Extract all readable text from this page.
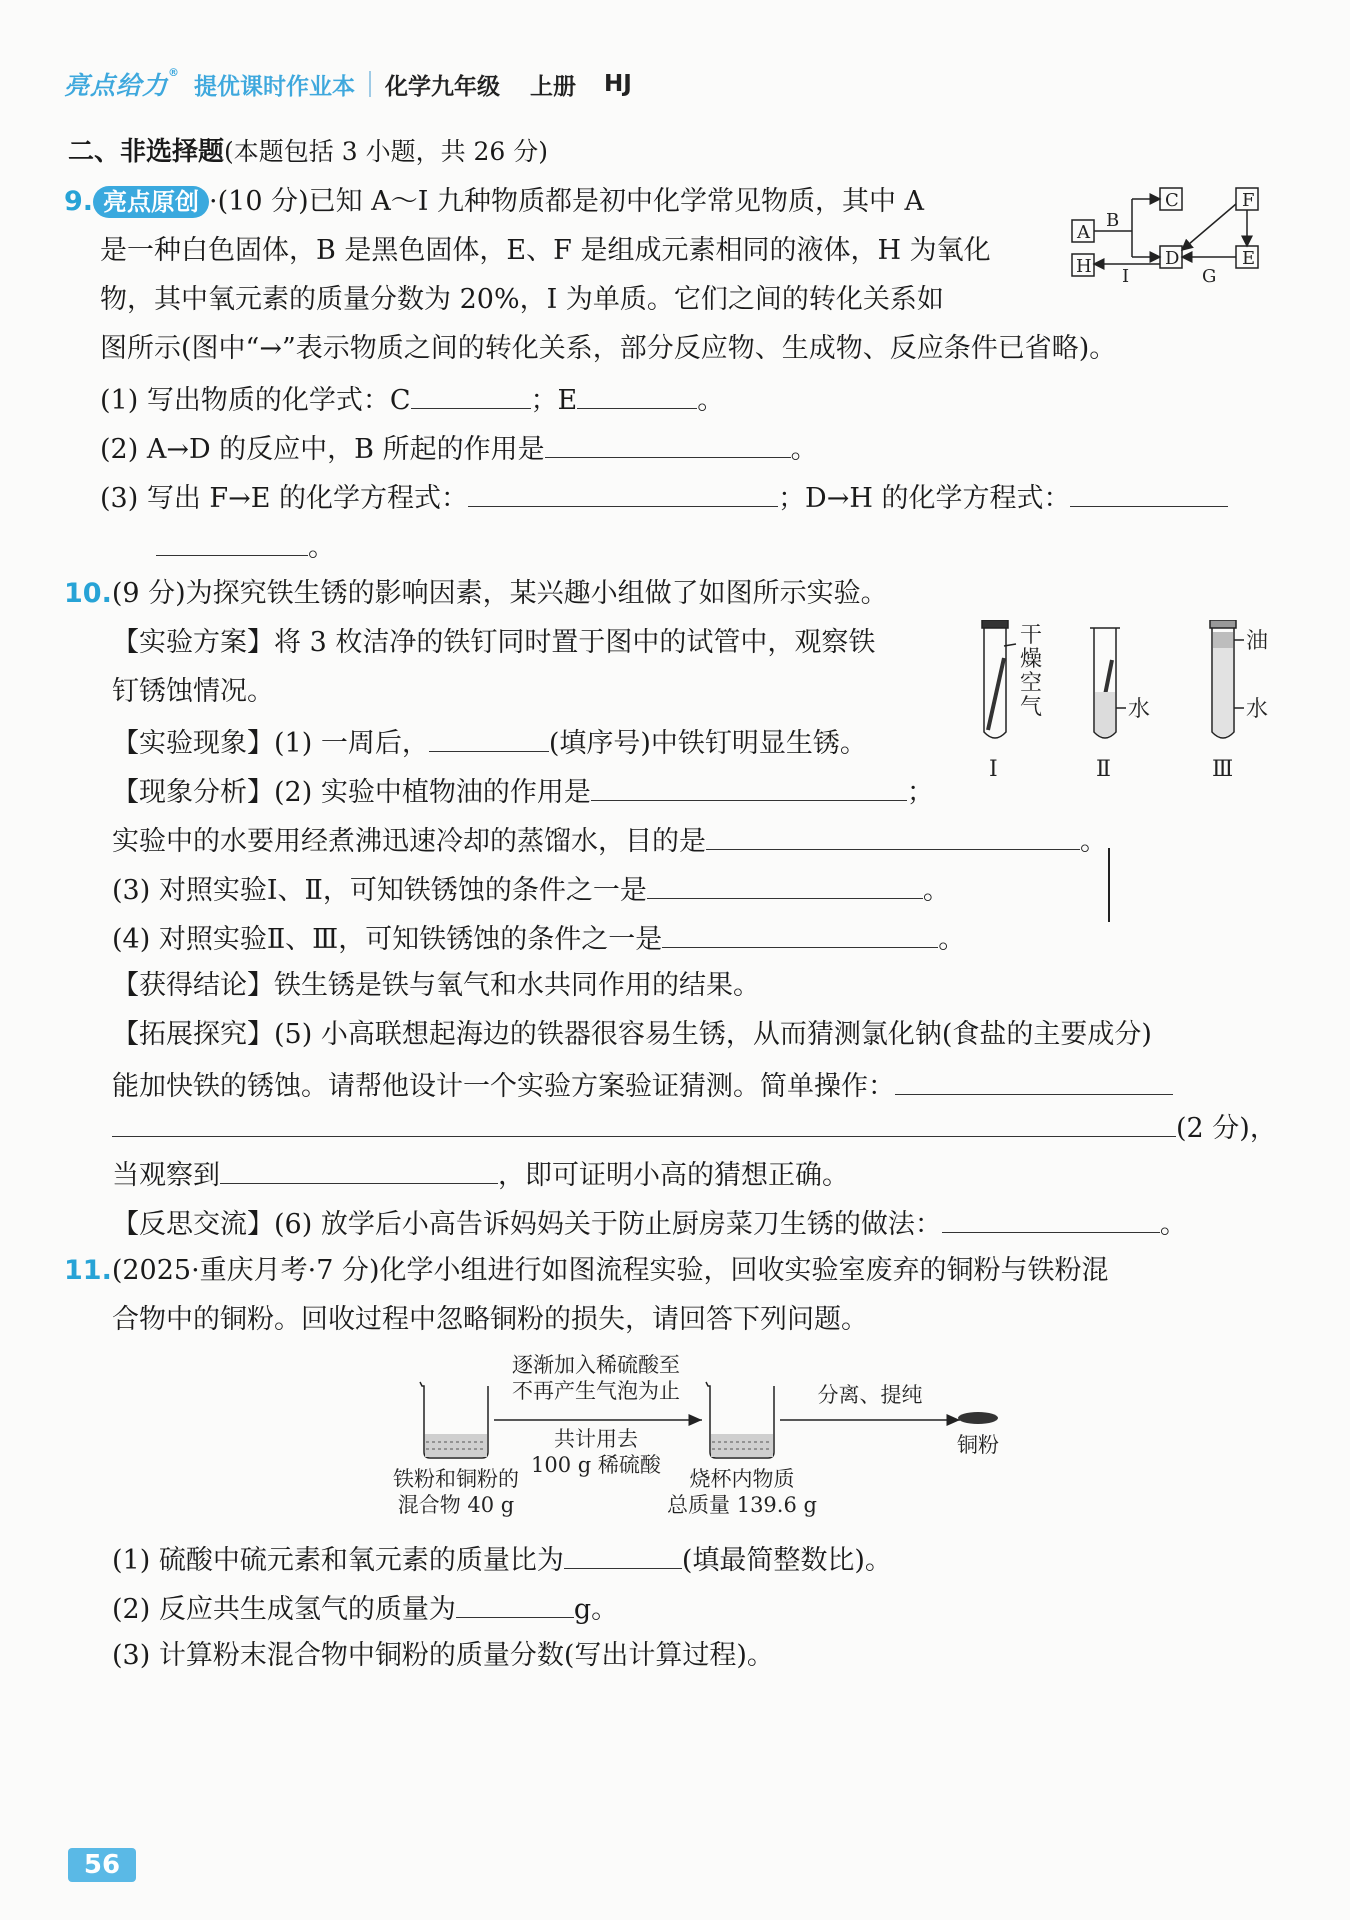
亮点给力®
提优课时作业本 化学九年级 上册 HJ
二、非选择题(本题包括 3 小题，共 26 分)
9. 亮点原创 ·(10 分)已知 A～I 九种物质都是初中化学常见物质，其中 A
是一种白色固体，B 是黑色固体，E、F 是组成元素相同的液体，H 为氧化
物，其中氧元素的质量分数为 20%，I 为单质。它们之间的转化关系如
图所示(图中“→”表示物质之间的转化关系，部分反应物、生成物、反应条件已省略)。
A
H
C
D
F
E
B
I	G
(1) 写出物质的化学式：C	；E	。
(2) A→D 的反应中，B 所起的作用是	。
(3) 写出 F→E 的化学方程式：	；D→H 的化学方程式：
。
10.(9 分)为探究铁生锈的影响因素，某兴趣小组做了如图所示实验。
【实验方案】将 3 枚洁净的铁钉同时置于图中的试管中，观察铁
钉锈蚀情况。
【实验现象】(1) 一周后，	(填序号)中铁钉明显生锈。
【现象分析】(2) 实验中植物油的作用是	；
实验中的水要用经煮沸迅速冷却的蒸馏水，目的是	。
(3) 对照实验Ⅰ、Ⅱ，可知铁锈蚀的条件之一是	。
(4) 对照实验Ⅱ、Ⅲ，可知铁锈蚀的条件之一是	。
【获得结论】铁生锈是铁与氧气和水共同作用的结果。
【拓展探究】(5) 小高联想起海边的铁器很容易生锈，从而猜测氯化钠(食盐的主要成分)
能加快铁的锈蚀。请帮他设计一个实验方案验证猜测。简单操作：
(2 分)，
当观察到	，即可证明小高的猜想正确。
【反思交流】(6) 放学后小高告诉妈妈关于防止厨房菜刀生锈的做法：	。
干
燥
空
气	水
油
水
Ⅰ	Ⅱ	Ⅲ
11.(2025·重庆月考·7 分)化学小组进行如图流程实验，回收实验室废弃的铜粉与铁粉混
合物中的铜粉。回收过程中忽略铜粉的损失，请回答下列问题。
逐渐加入稀硫酸至
不再产生气泡为止
共计用去
100 g 稀硫酸
分离、提纯
铜粉
铁粉和铜粉的
混合物 40 g
烧杯内物质
总质量 139.6 g
(1) 硫酸中硫元素和氧元素的质量比为	(填最简整数比)。
(2) 反应共生成氢气的质量为	g。
(3) 计算粉末混合物中铜粉的质量分数(写出计算过程)。
56
